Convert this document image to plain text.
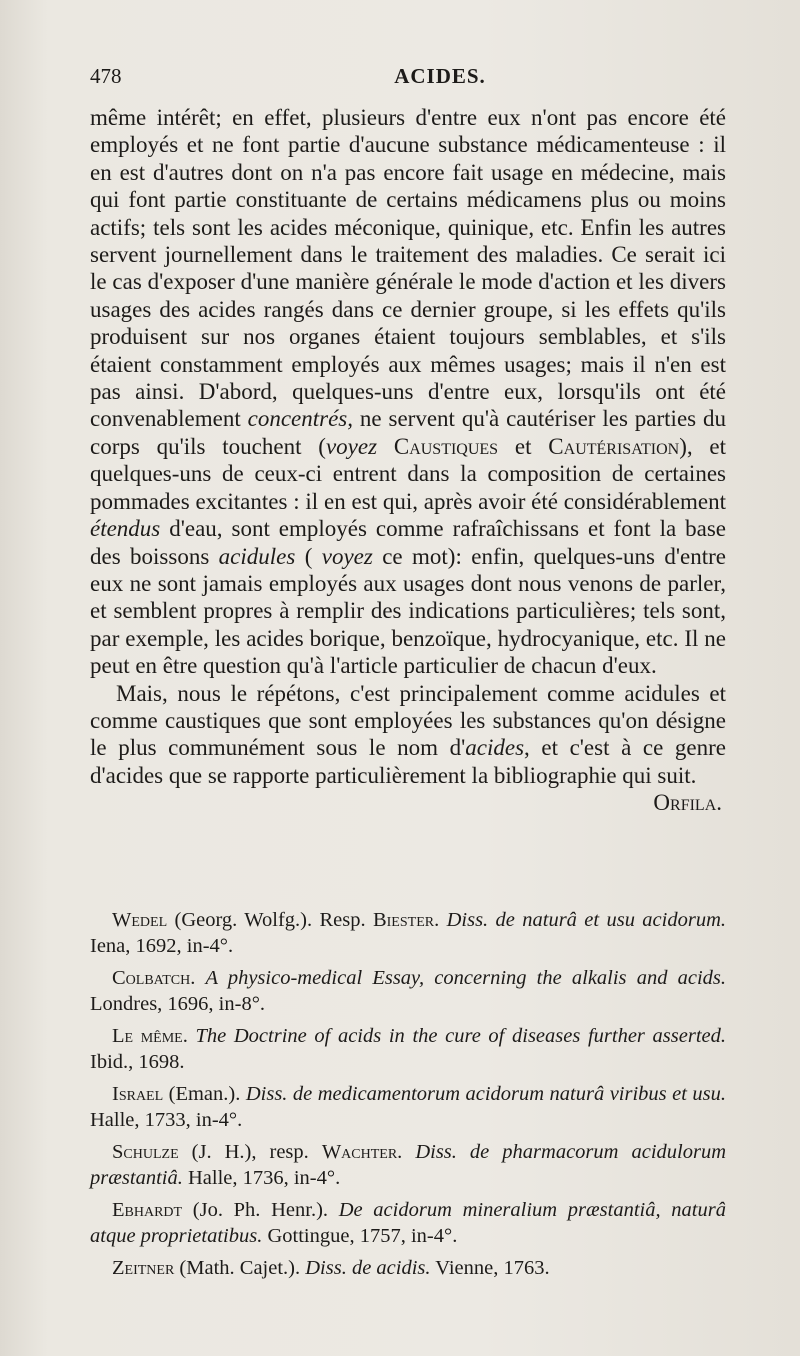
478	ACIDES.

même intérêt; en effet, plusieurs d'entre eux n'ont pas encore été employés et ne font partie d'aucune substance médicamenteuse : il en est d'autres dont on n'a pas encore fait usage en médecine, mais qui font partie constituante de certains médicamens plus ou moins actifs; tels sont les acides méconique, quinique, etc. Enfin les autres servent journellement dans le traitement des maladies. Ce serait ici le cas d'exposer d'une manière générale le mode d'action et les divers usages des acides rangés dans ce dernier groupe, si les effets qu'ils produisent sur nos organes étaient toujours semblables, et s'ils étaient constamment employés aux mêmes usages; mais il n'en est pas ainsi. D'abord, quelques-uns d'entre eux, lorsqu'ils ont été convenablement concentrés, ne servent qu'à cautériser les parties du corps qu'ils touchent (voyez Caustiques et Cautérisation), et quelques-uns de ceux-ci entrent dans la composition de certaines pommades excitantes : il en est qui, après avoir été considérablement étendus d'eau, sont employés comme rafraîchissans et font la base des boissons acidules ( voyez ce mot): enfin, quelques-uns d'entre eux ne sont jamais employés aux usages dont nous venons de parler, et semblent propres à remplir des indications particulières; tels sont, par exemple, les acides borique, benzoïque, hydrocyanique, etc. Il ne peut en être question qu'à l'article particulier de chacun d'eux.

Mais, nous le répétons, c'est principalement comme acidules et comme caustiques que sont employées les substances qu'on désigne le plus communément sous le nom d'acides, et c'est à ce genre d'acides que se rapporte particulièrement la bibliographie qui suit.
Orfila.

Wedel (Georg. Wolfg.). Resp. Biester. Diss. de naturâ et usu acidorum. Iena, 1692, in-4°.

Colbatch. A physico-medical Essay, concerning the alkalis and acids. Londres, 1696, in-8°.

Le même. The Doctrine of acids in the cure of diseases further asserted. Ibid., 1698.

Israel (Eman.). Diss. de medicamentorum acidorum naturâ viribus et usu. Halle, 1733, in-4°.

Schulze (J. H.), resp. Wachter. Diss. de pharmacorum acidulorum præstantiâ. Halle, 1736, in-4°.

Ebhardt (Jo. Ph. Henr.). De acidorum mineralium præstantiâ, naturâ atque proprietatibus. Gottingue, 1757, in-4°.

Zeitner (Math. Cajet.). Diss. de acidis. Vienne, 1763.
